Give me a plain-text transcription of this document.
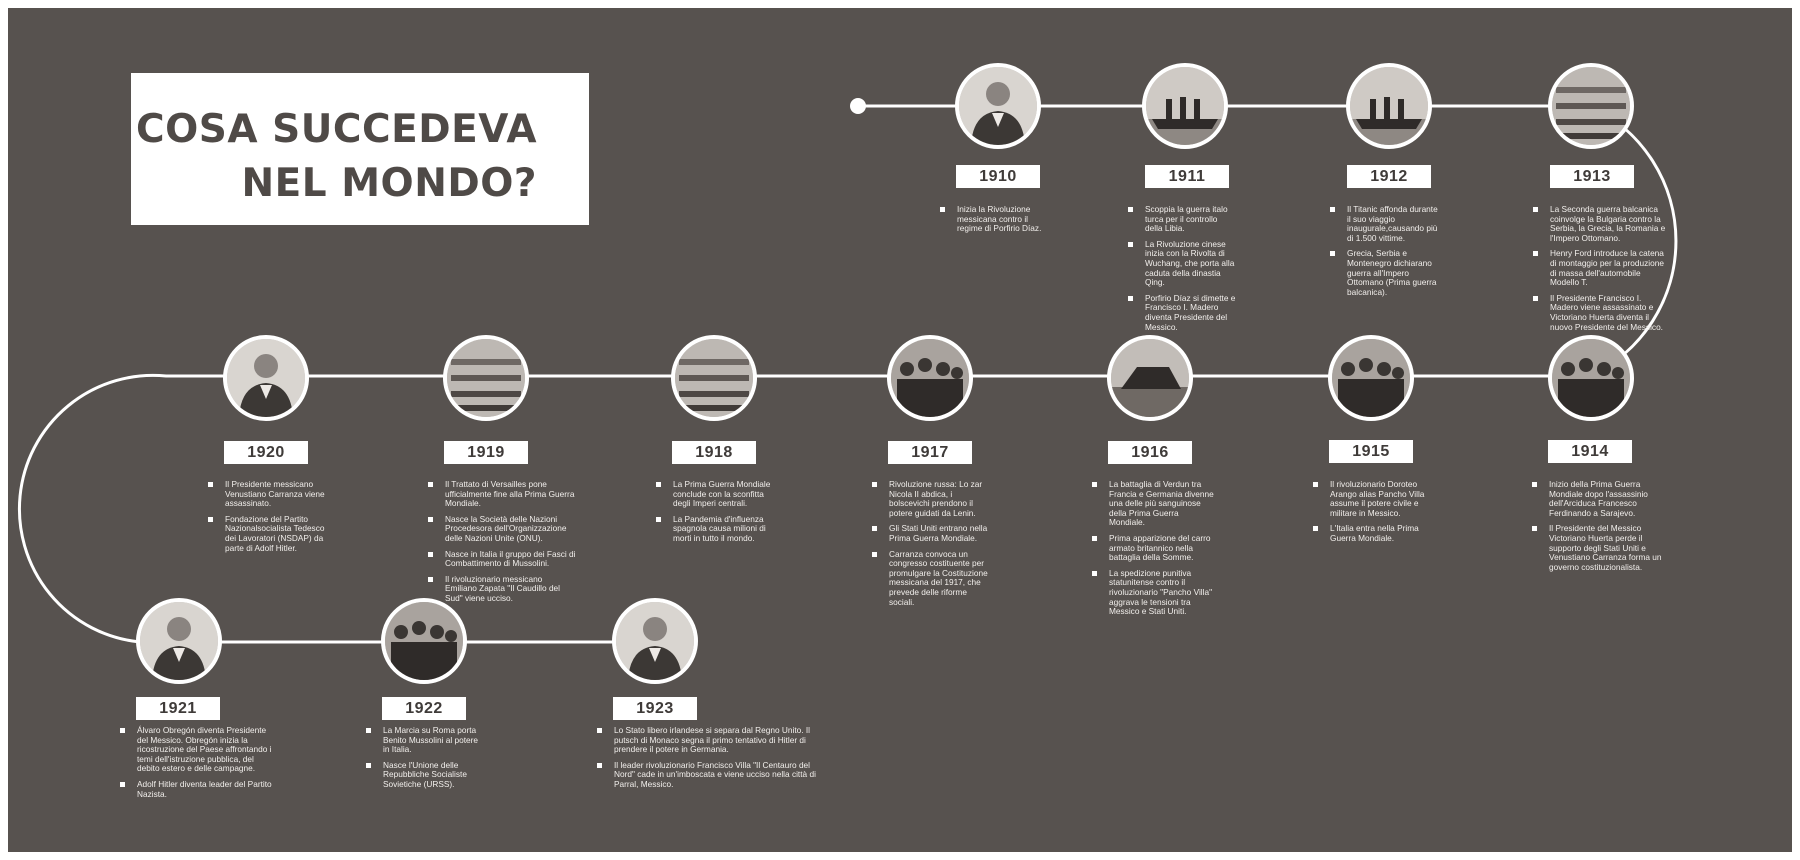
COSA SUCCEDEVA
NEL MONDO?	1910
Inizia la Rivoluzione messicana contro il regime di Porfirio Díaz.
1911
Scoppia la guerra italo turca per il controllo della Libia.
La Rivoluzione cinese inizia con la Rivolta di Wuchang, che porta alla caduta della dinastia Qing.
Porfirio Díaz si dimette e Francisco I. Madero diventa Presidente del Messico.
1912
Il Titanic affonda durante il suo viaggio inaugurale,causando più di 1.500 vittime.
Grecia, Serbia e Montenegro dichiarano guerra all'Impero Ottomano (Prima guerra balcanica).
1913
La Seconda guerra balcanica coinvolge la Bulgaria contro la Serbia, la Grecia, la Romania e l'Impero Ottomano.
Henry Ford introduce la catena di montaggio per la produzione di massa dell'automobile Modello T.
Il Presidente Francisco I. Madero viene assassinato e Victoriano Huerta diventa il nuovo Presidente del Messico.
1914
Inizio della Prima Guerra Mondiale dopo l'assassinio dell'Arciduca Francesco Ferdinando a Sarajevo.
Il Presidente del Messico Victoriano Huerta perde il supporto degli Stati Uniti e Venustiano Carranza forma un governo costituzionalista.
1915
Il rivoluzionario Doroteo Arango alias Pancho Villa assume il potere civile e militare in Messico.
L'Italia entra nella Prima Guerra Mondiale.
1916
La battaglia di Verdun tra Francia e Germania divenne una delle più sanguinose della Prima Guerra Mondiale.
Prima apparizione del carro armato britannico nella battaglia della Somme.
La spedizione punitiva statunitense contro il rivoluzionario "Pancho Villa" aggrava le tensioni tra Messico e Stati Uniti.
1917
Rivoluzione russa: Lo zar Nicola II abdica, i bolscevichi prendono il potere guidati da Lenin.
Gli Stati Uniti entrano nella Prima Guerra Mondiale.
Carranza convoca un congresso costituente per promulgare la Costituzione messicana del 1917, che prevede delle riforme sociali.
1918
La Prima Guerra Mondiale conclude con la sconfitta degli Imperi centrali.
La Pandemia d'influenza spagnola causa milioni di morti in tutto il mondo.
1919
Il Trattato di Versailles pone ufficialmente fine alla Prima Guerra Mondiale.
Nasce la Società delle Nazioni Procedesora dell'Organizzazione delle Nazioni Unite (ONU).
Nasce in Italia il gruppo dei Fasci di Combattimento di Mussolini.
Il rivoluzionario messicano Emiliano Zapata "Il Caudillo del Sud" viene ucciso.
1920
Il Presidente messicano Venustiano Carranza viene assassinato.
Fondazione del Partito Nazionalsocialista Tedesco dei Lavoratori (NSDAP) da parte di Adolf Hitler.
1921
Álvaro Obregón diventa Presidente del Messico. Obregón inizia la ricostruzione del Paese affrontando i temi dell'istruzione pubblica, del debito estero e delle campagne.
Adolf Hitler diventa leader del Partito Nazista.
1922
La Marcia su Roma porta Benito Mussolini al potere in Italia.
Nasce l'Unione delle Repubbliche Socialiste Sovietiche (URSS).
1923
Lo Stato libero irlandese si separa dal Regno Unito. Il putsch di Monaco segna il primo tentativo di Hitler di prendere il potere in Germania.
Il leader rivoluzionario Francisco Villa "Il Centauro del Nord" cade in un'imboscata e viene ucciso nella città di Parral, Messico.
